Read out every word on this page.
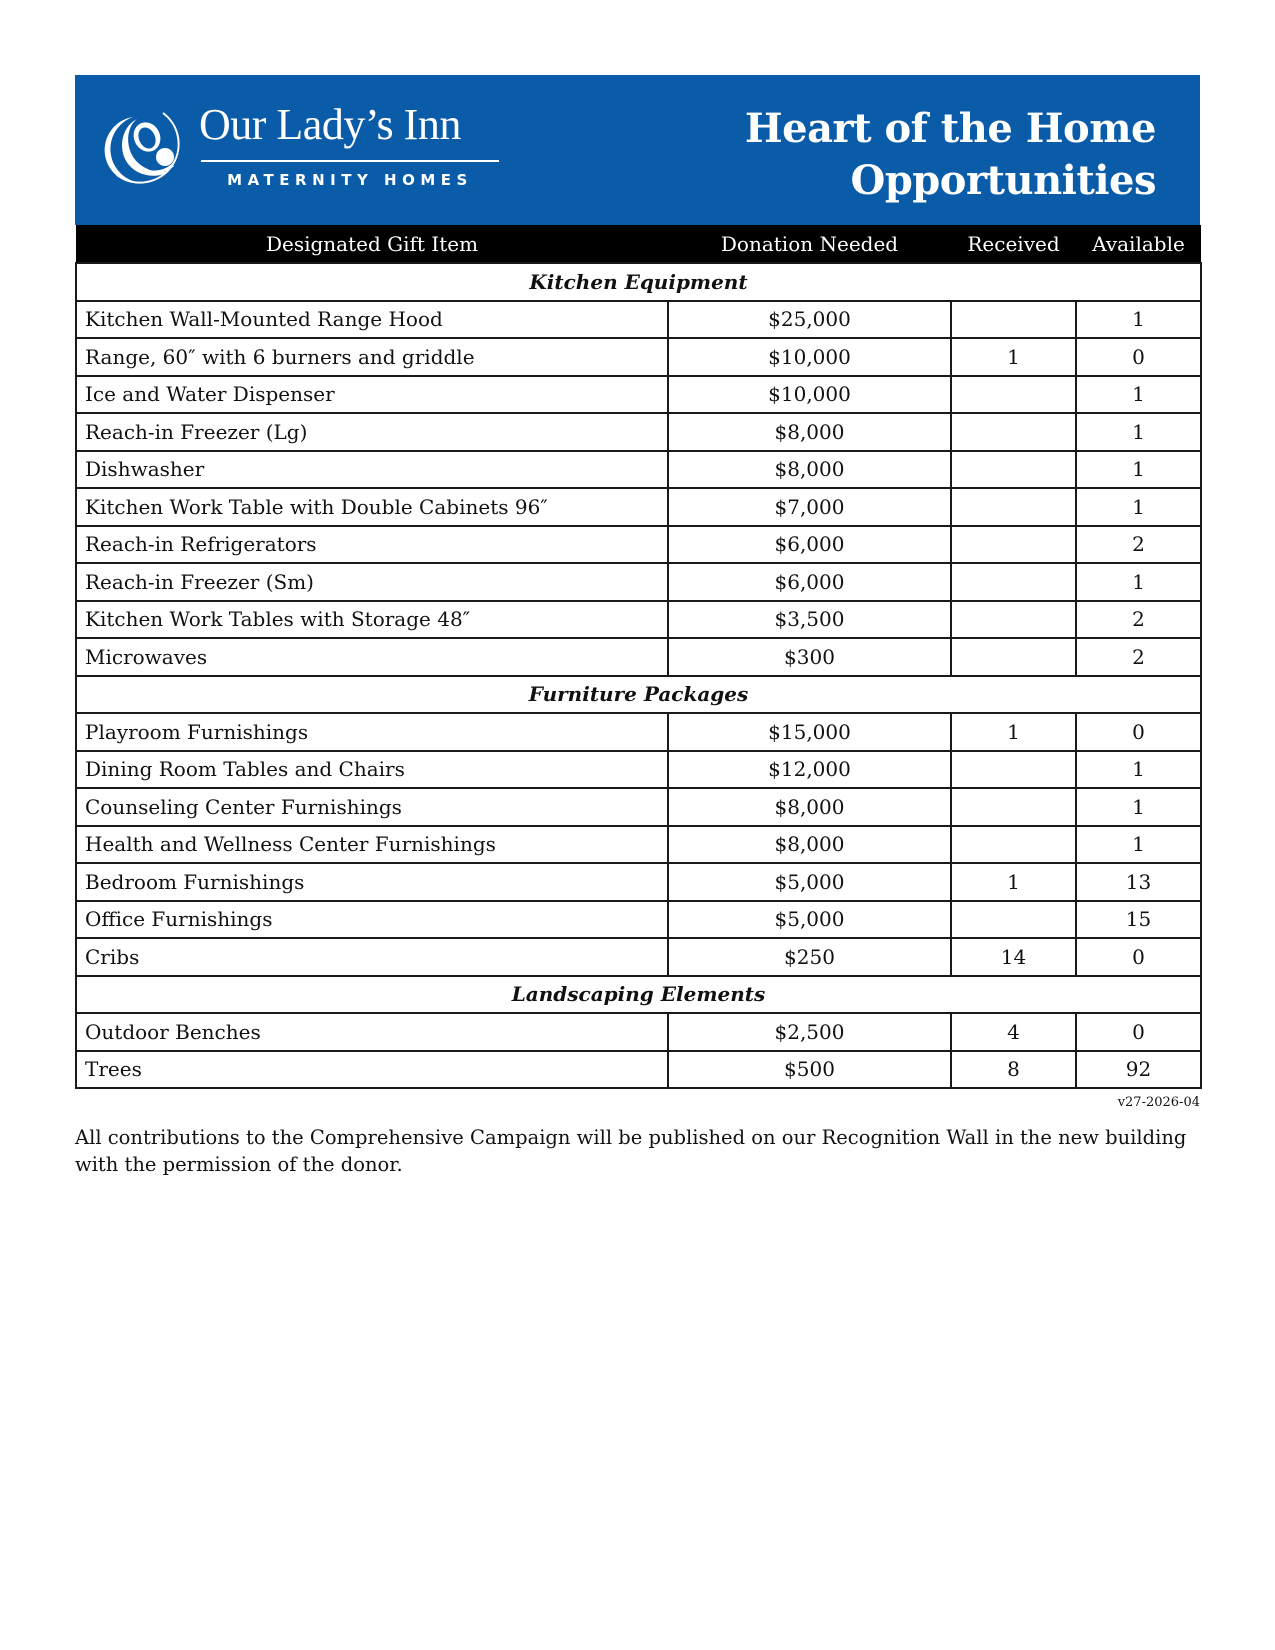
Our Lady’s Inn
MATERNITY HOMES
Heart of the Home
Opportunities
Designated Gift Item	Donation Needed	Received	Available
Kitchen Equipment			
Kitchen Wall-Mounted Range Hood	$25,000		1
Range, 60″ with 6 burners and griddle	$10,000	1	0
Ice and Water Dispenser	$10,000		1
Reach-in Freezer (Lg)	$8,000		1
Dishwasher	$8,000		1
Kitchen Work Table with Double Cabinets 96″	$7,000		1
Reach-in Refrigerators	$6,000		2
Reach-in Freezer (Sm)	$6,000		1
Kitchen Work Tables with Storage 48″	$3,500		2
Microwaves	$300		2
Furniture Packages			
Playroom Furnishings	$15,000	1	0
Dining Room Tables and Chairs	$12,000		1
Counseling Center Furnishings	$8,000		1
Health and Wellness Center Furnishings	$8,000		1
Bedroom Furnishings	$5,000	1	13
Office Furnishings	$5,000		15
Cribs	$250	14	0
Landscaping Elements			
Outdoor Benches	$2,500	4	0
Trees	$500	8	92
v27-2026-04
All contributions to the Comprehensive Campaign will be published on our Recognition Wall in the new building with the permission of the donor.
